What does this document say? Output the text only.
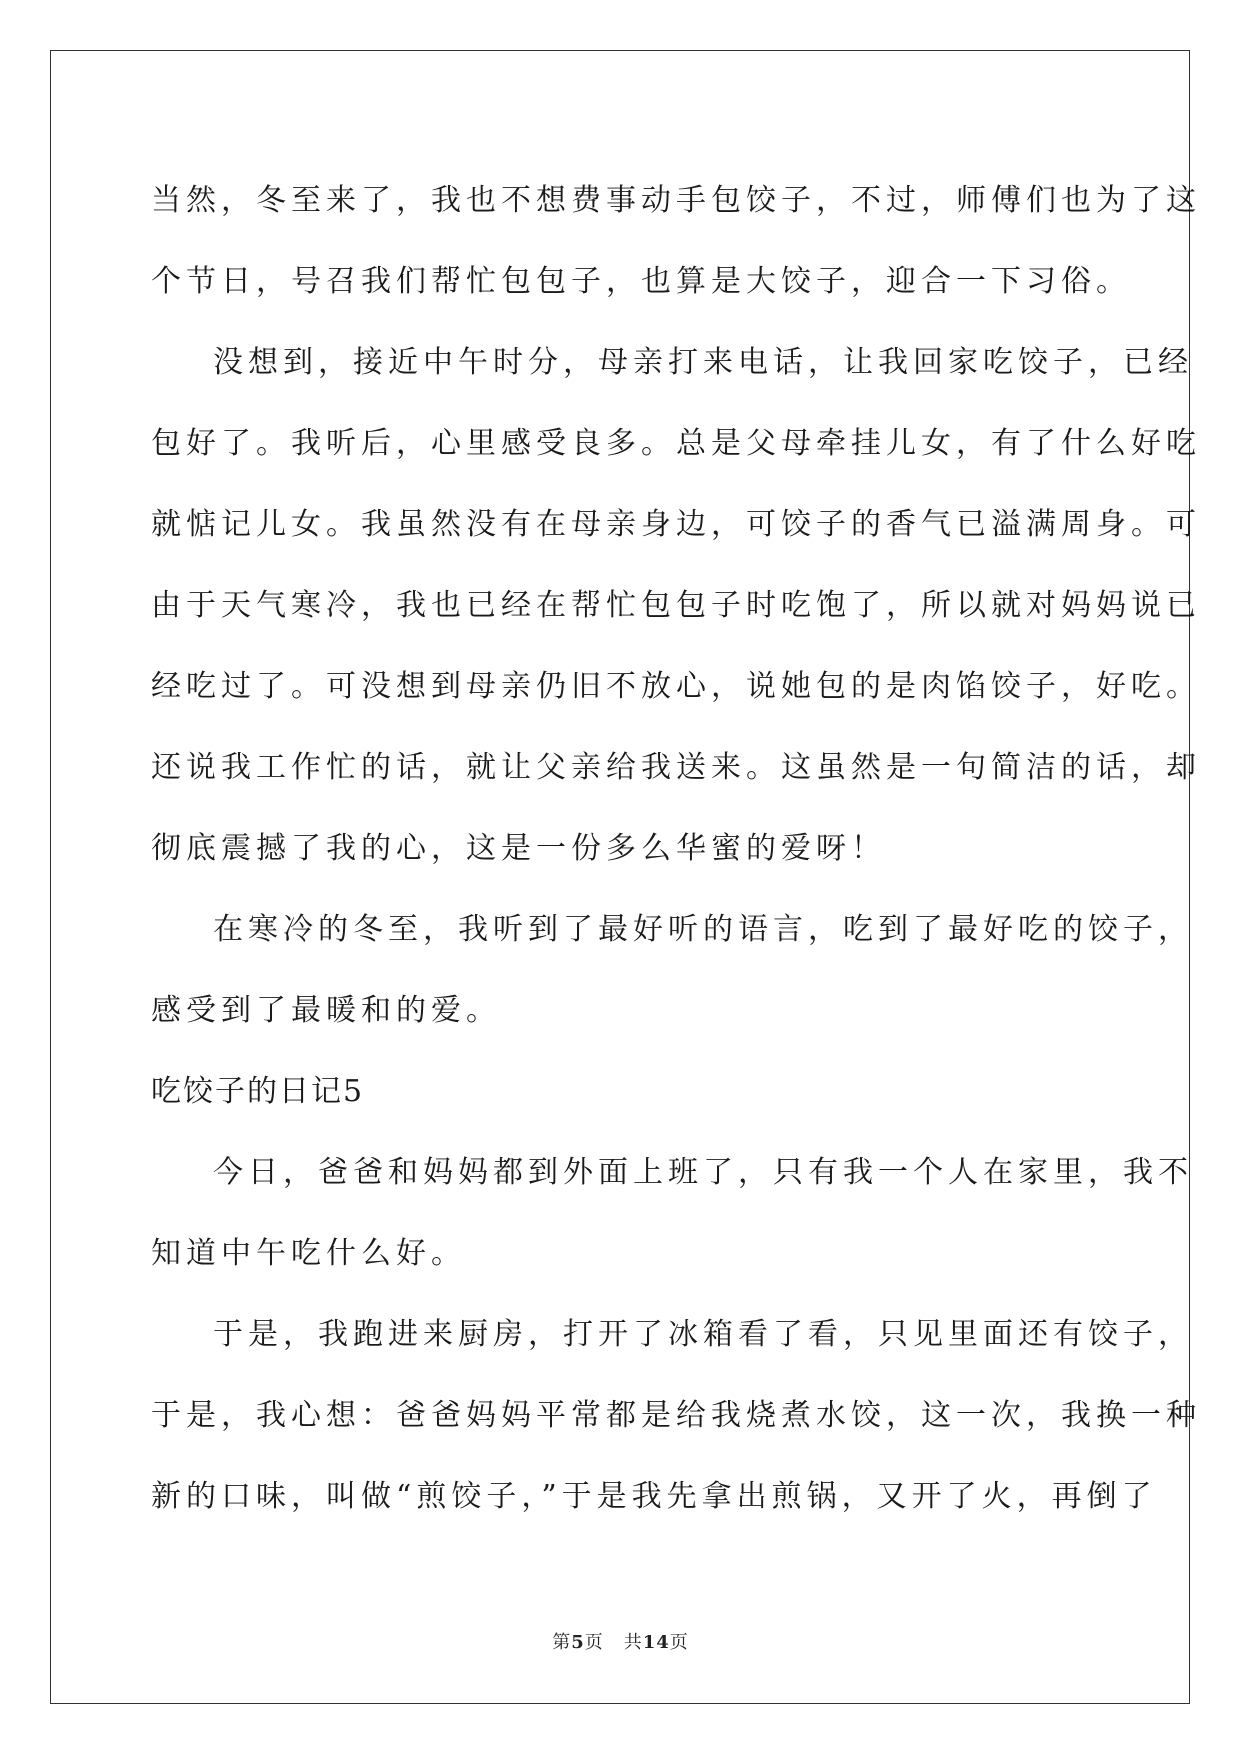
当然，冬至来了，我也不想费事动手包饺子，不过，师傅们也为了这
个节日，号召我们帮忙包包子，也算是大饺子，迎合一下习俗。
没想到，接近中午时分，母亲打来电话，让我回家吃饺子，已经
包好了。我听后，心里感受良多。总是父母牵挂儿女，有了什么好吃
就惦记儿女。我虽然没有在母亲身边，可饺子的香气已溢满周身。可
由于天气寒冷，我也已经在帮忙包包子时吃饱了，所以就对妈妈说已
经吃过了。可没想到母亲仍旧不放心，说她包的是肉馅饺子，好吃。
还说我工作忙的话，就让父亲给我送来。这虽然是一句简洁的话，却
彻底震撼了我的心，这是一份多么华蜜的爱呀！
在寒冷的冬至，我听到了最好听的语言，吃到了最好吃的饺子，
感受到了最暖和的爱。
吃饺子的日记5
今日，爸爸和妈妈都到外面上班了，只有我一个人在家里，我不
知道中午吃什么好。
于是，我跑进来厨房，打开了冰箱看了看，只见里面还有饺子，
于是，我心想：爸爸妈妈平常都是给我烧煮水饺，这一次，我换一种
新的口味，叫做“煎饺子，”于是我先拿出煎锅，又开了火，再倒了
第5页 共14页
